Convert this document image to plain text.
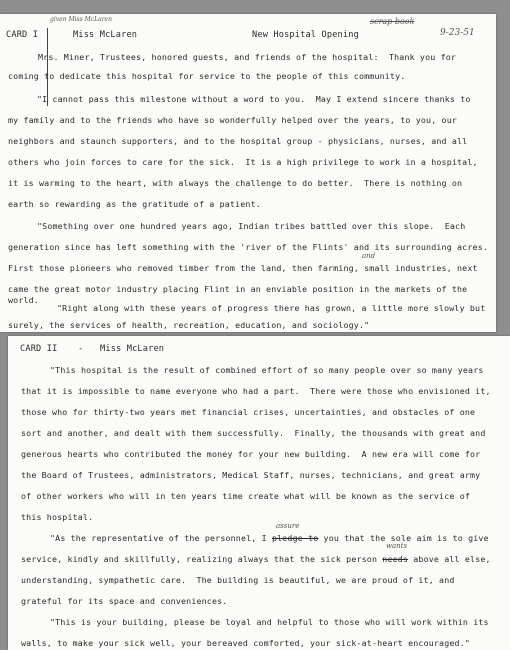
CARD I	Miss McLaren	New Hospital Opening
scrap book
9-23-51
given Miss McLaren
Mrs. Miner, Trustees, honored guests, and friends of the hospital:  Thank you for
coming to dedicate this hospital for service to the people of this community.
"I cannot pass this milestone without a word to you.  May I extend sincere thanks to
my family and to the friends who have so wonderfully helped over the years, to you, our
neighbors and staunch supporters, and to the hospital group - physicians, nurses, and all
others who join forces to care for the sick.  It is a high privilege to work in a hospital,
it is warming to the heart, with always the challenge to do better.  There is nothing on
earth so rewarding as the gratitude of a patient.
"Something over one hundred years ago, Indian tribes battled over this slope.  Each
generation since has left something with the 'river of the Flints' and its surrounding acres.
and
First those pioneers who removed timber from the land, then farming, small industries, next
came the great motor industry placing Flint in an enviable position in the markets of the
world.
"Right along with these years of progress there has grown, a little more slowly but
surely, the services of health, recreation, education, and sociology."
CARD II - Miss McLaren
"This hospital is the result of combined effort of so many people over so many years
that it is impossible to name everyone who had a part.  There were those who envisioned it,
those who for thirty-two years met financial crises, uncertainties, and obstacles of one
sort and another, and dealt with them successfully.  Finally, the thousands with great and
generous hearts who contributed the money for your new building.  A new era will come for
the Board of Trustees, administrators, Medical Staff, nurses, technicians, and great army
of other workers who will in ten years time create what will be known as the service of
this hospital.
assure
"As the representative of the personnel, I pledge to you that the sole aim is to give
wants
service, kindly and skillfully, realizing always that the sick person needs above all else,
understanding, sympathetic care.  The building is beautiful, we are proud of it, and
grateful for its space and conveniences.
"This is your building, please be loyal and helpful to those who will work within its
walls, to make your sick well, your bereaved comforted, your sick-at-heart encouraged."
